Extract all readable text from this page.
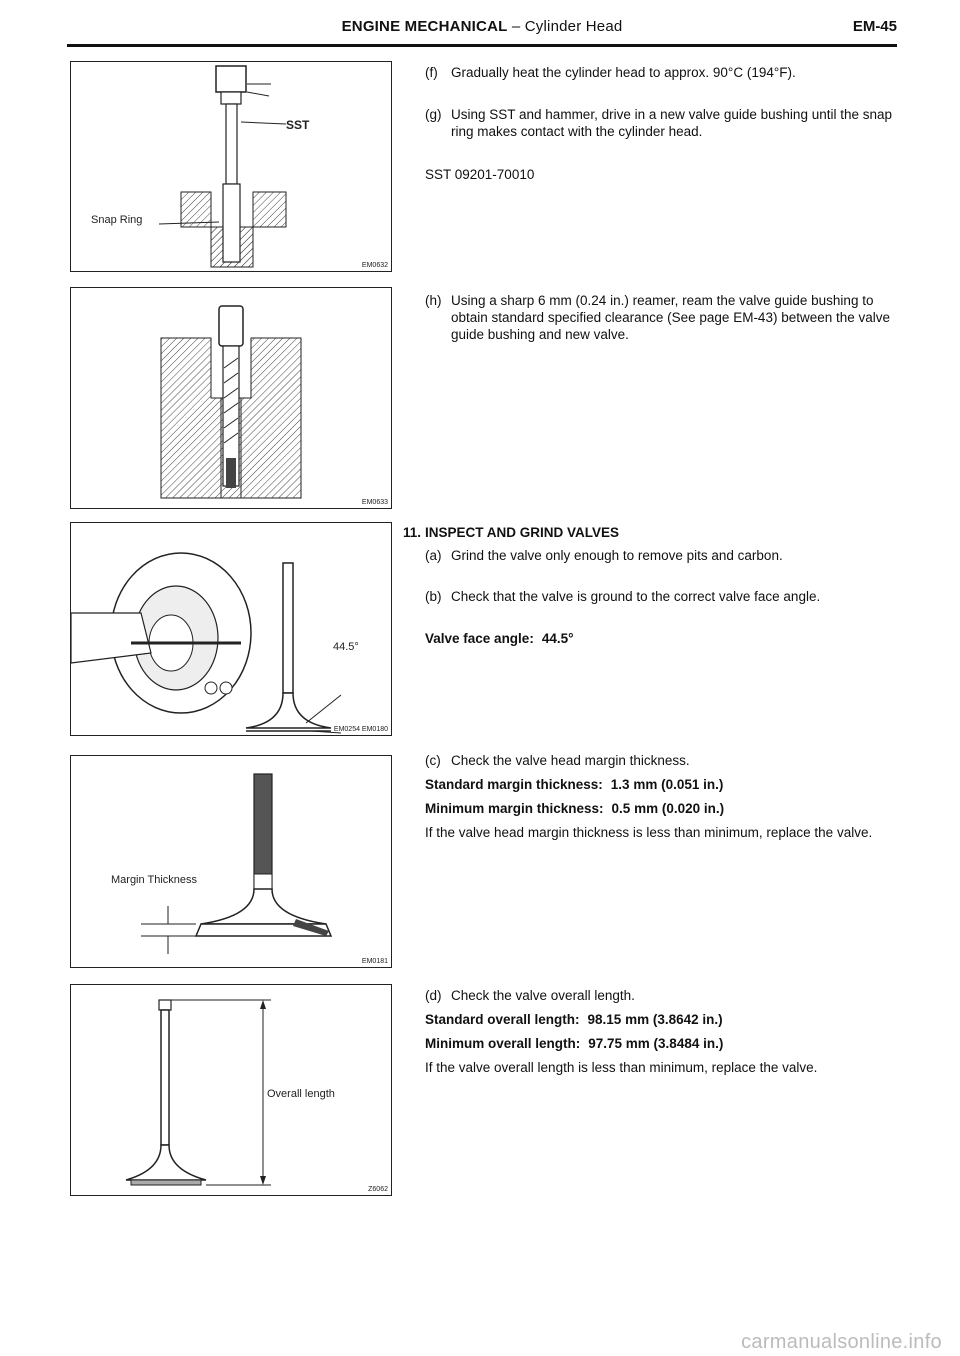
ENGINE MECHANICAL – Cylinder Head	EM-45
SST
Snap Ring
EM0632
EM0633
44.5°
EM0254 EM0180
Margin Thickness
EM0181
Overall length
Z6062
(f) Gradually heat the cylinder head to approx. 90°C (194°F).
(g) Using SST and hammer, drive in a new valve guide bushing until the snap ring makes contact with the cylinder head.
SST 09201-70010
(h) Using a sharp 6 mm (0.24 in.) reamer, ream the valve guide bushing to obtain standard specified clearance (See page EM-43) between the valve guide bushing and new valve.
11. INSPECT AND GRIND VALVES
(a) Grind the valve only enough to remove pits and carbon.
(b) Check that the valve is ground to the correct valve face angle.
Valve face angle: 44.5°
(c) Check the valve head margin thickness.
Standard margin thickness: 1.3 mm (0.051 in.)
Minimum margin thickness: 0.5 mm (0.020 in.)
If the valve head margin thickness is less than minimum, replace the valve.
(d) Check the valve overall length.
Standard overall length: 98.15 mm (3.8642 in.)
Minimum overall length: 97.75 mm (3.8484 in.)
If the valve overall length is less than minimum, replace the valve.
carmanualsonline.info
